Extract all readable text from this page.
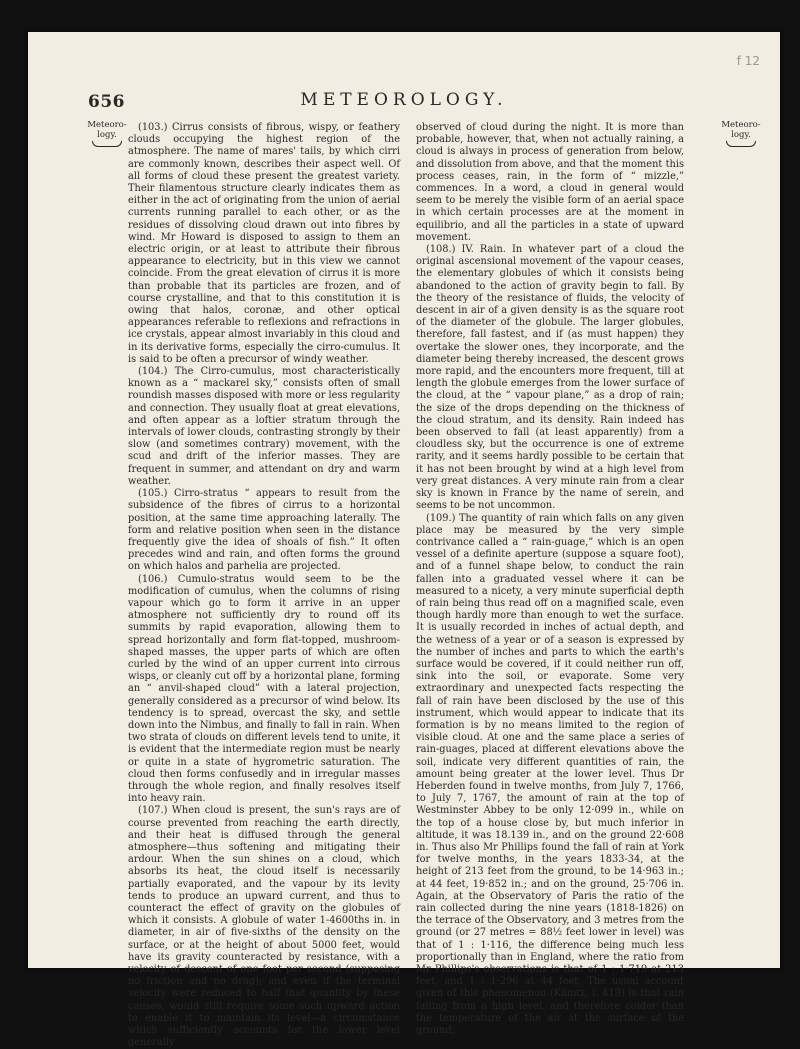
f 12
656	METEOROLOGY.
Meteoro-
logy.
Meteoro-
logy.

(103.) Cirrus consists of fibrous, wispy, or feathery clouds occupying the highest region of the atmosphere. The name of mares' tails, by which cirri are commonly known, describes their aspect well. Of all forms of cloud these present the greatest variety. Their filamentous structure clearly indicates them as either in the act of originating from the union of aerial currents running parallel to each other, or as the residues of dissolving cloud drawn out into fibres by wind. Mr Howard is disposed to assign to them an electric origin, or at least to attribute their fibrous appearance to electricity, but in this view we cannot coincide. From the great elevation of cirrus it is more than probable that its particles are frozen, and of course crystalline, and that to this constitution it is owing that halos, coronæ, and other optical appearances referable to reflexions and refractions in ice crystals, appear almost invariably in this cloud and in its derivative forms, especially the cirro-cumulus. It is said to be often a precursor of windy weather.

(104.) The Cirro-cumulus, most characteristically known as a “ mackarel sky,” consists often of small roundish masses disposed with more or less regularity and connection. They usually float at great elevations, and often appear as a loftier stratum through the intervals of lower clouds, contrasting strongly by their slow (and sometimes contrary) movement, with the scud and drift of the inferior masses. They are frequent in summer, and attendant on dry and warm weather.

(105.) Cirro-stratus “ appears to result from the subsidence of the fibres of cirrus to a horizontal position, at the same time approaching laterally. The form and relative position when seen in the distance frequently give the idea of shoals of fish.” It often precedes wind and rain, and often forms the ground on which halos and parhelia are projected.

(106.) Cumulo-stratus would seem to be the modification of cumulus, when the columns of rising vapour which go to form it arrive in an upper atmosphere not sufficiently dry to round off its summits by rapid evaporation, allowing them to spread horizontally and form flat-topped, mushroom-shaped masses, the upper parts of which are often curled by the wind of an upper current into cirrous wisps, or cleanly cut off by a horizontal plane, forming an “ anvil-shaped cloud” with a lateral projection, generally considered as a precursor of wind below. Its tendency is to spread, overcast the sky, and settle down into the Nimbus, and finally to fall in rain. When two strata of clouds on different levels tend to unite, it is evident that the intermediate region must be nearly or quite in a state of hygrometric saturation. The cloud then forms confusedly and in irregular masses through the whole region, and finally resolves itself into heavy rain.

(107.) When cloud is present, the sun's rays are of course prevented from reaching the earth directly, and their heat is diffused through the general atmosphere—thus softening and mitigating their ardour. When the sun shines on a cloud, which absorbs its heat, the cloud itself is necessarily partially evaporated, and the vapour by its levity tends to produce an upward current, and thus to counteract the effect of gravity on the globules of which it consists. A globule of water 1-4600ths in. in diameter, in air of five-sixths of the density on the surface, or at the height of about 5000 feet, would have its gravity counteracted by resistance, with a velocity of descent of one foot per second (supposing no friction and no drag); and even if the terminal velocity were reduced to half that quantity by these causes, would still require some such upward action to enable it to maintain its level—a circumstance which sufficiently accounts for the lower level generally

observed of cloud during the night. It is more than probable, however, that, when not actually raining, a cloud is always in process of generation from below, and dissolution from above, and that the moment this process ceases, rain, in the form of “ mizzle,” commences. In a word, a cloud in general would seem to be merely the visible form of an aerial space in which certain processes are at the moment in equilibrio, and all the particles in a state of upward movement.

(108.) IV. Rain. In whatever part of a cloud the original ascensional movement of the vapour ceases, the elementary globules of which it consists being abandoned to the action of gravity begin to fall. By the theory of the resistance of fluids, the velocity of descent in air of a given density is as the square root of the diameter of the globule. The larger globules, therefore, fall fastest, and if (as must happen) they overtake the slower ones, they incorporate, and the diameter being thereby increased, the descent grows more rapid, and the encounters more frequent, till at length the globule emerges from the lower surface of the cloud, at the “ vapour plane,” as a drop of rain; the size of the drops depending on the thickness of the cloud stratum, and its density. Rain indeed has been observed to fall (at least apparently) from a cloudless sky, but the occurrence is one of extreme rarity, and it seems hardly possible to be certain that it has not been brought by wind at a high level from very great distances. A very minute rain from a clear sky is known in France by the name of serein, and seems to be not uncommon.

(109.) The quantity of rain which falls on any given place may be measured by the very simple contrivance called a “ rain-guage,” which is an open vessel of a definite aperture (suppose a square foot), and of a funnel shape below, to conduct the rain fallen into a graduated vessel where it can be measured to a nicety, a very minute superficial depth of rain being thus read off on a magnified scale, even though hardly more than enough to wet the surface. It is usually recorded in inches of actual depth, and the wetness of a year or of a season is expressed by the number of inches and parts to which the earth's surface would be covered, if it could neither run off, sink into the soil, or evaporate. Some very extraordinary and unexpected facts respecting the fall of rain have been disclosed by the use of this instrument, which would appear to indicate that its formation is by no means limited to the region of visible cloud. At one and the same place a series of rain-guages, placed at different elevations above the soil, indicate very different quantities of rain, the amount being greater at the lower level. Thus Dr Heberden found in twelve months, from July 7, 1766, to July 7, 1767, the amount of rain at the top of Westminster Abbey to be only 12·099 in., while on the top of a house close by, but much inferior in altitude, it was 18.139 in., and on the ground 22·608 in. Thus also Mr Phillips found the fall of rain at York for twelve months, in the years 1833-34, at the height of 213 feet from the ground, to be 14·963 in.; at 44 feet, 19·852 in.; and on the ground, 25·706 in. Again, at the Observatory of Paris the ratio of the rain collected during the nine years (1818-1826) on the terrace of the Observatory, and 3 metres from the ground (or 27 metres = 88½ feet lower in level) was that of 1 : 1·116, the difference being much less proportionally than in England, where the ratio from Mr Phillips's observations is that of 1 : 1·719 at 213 feet, and 1 : 1·296 at 44 feet. The usual account given of this phenomenon (Kämtz, i. 419) is that rain falling from a high level, and therefore colder than the temperature of the air at the surface of the ground,
